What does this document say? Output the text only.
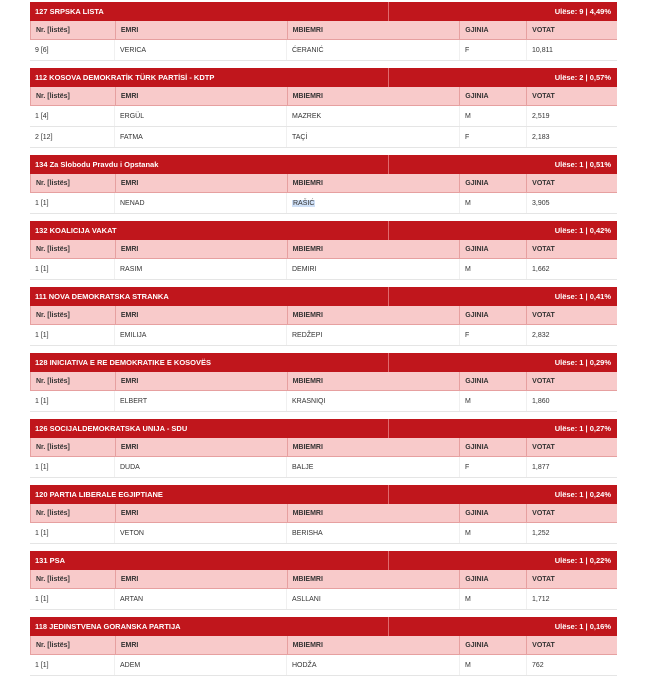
127 SRPSKA LISTA	Ulëse: 9 | 4,49%
Nr. [listës]	EMRI	MBIEMRI	GJINIA	VOTAT
9 [6]	VERICA	ĆERANIĆ	F	10,811
112 KOSOVA DEMOKRATİK TÜRK PARTİSİ - KDTP	Ulëse: 2 | 0,57%
Nr. [listës]	EMRI	MBIEMRI	GJINIA	VOTAT
1 [4]	ERGÜL	MAZREK	M	2,519
2 [12]	FATMA	TAÇİ	F	2,183
134 Za Slobodu Pravdu i Opstanak	Ulëse: 1 | 0,51%
Nr. [listës]	EMRI	MBIEMRI	GJINIA	VOTAT
1 [1]	NENAD	RAŠIĆ	M	3,905
132 KOALICIJA VAKAT	Ulëse: 1 | 0,42%
Nr. [listës]	EMRI	MBIEMRI	GJINIA	VOTAT
1 [1]	RASIM	DEMIRI	M	1,662
111 NOVA DEMOKRATSKA STRANKA	Ulëse: 1 | 0,41%
Nr. [listës]	EMRI	MBIEMRI	GJINIA	VOTAT
1 [1]	EMILIJA	REDŽEPI	F	2,832
128 INICIATIVA E RE DEMOKRATIKE E KOSOVËS	Ulëse: 1 | 0,29%
Nr. [listës]	EMRI	MBIEMRI	GJINIA	VOTAT
1 [1]	ELBERT	KRASNIQI	M	1,860
126 SOCIJALDEMOKRATSKA UNIJA - SDU	Ulëse: 1 | 0,27%
Nr. [listës]	EMRI	MBIEMRI	GJINIA	VOTAT
1 [1]	DUDA	BALJE	F	1,877
120 PARTIA LIBERALE EGJIPTIANE	Ulëse: 1 | 0,24%
Nr. [listës]	EMRI	MBIEMRI	GJINIA	VOTAT
1 [1]	VETON	BERISHA	M	1,252
131 PSA	Ulëse: 1 | 0,22%
Nr. [listës]	EMRI	MBIEMRI	GJINIA	VOTAT
1 [1]	ARTAN	ASLLANI	M	1,712
118 JEDINSTVENA GORANSKA PARTIJA	Ulëse: 1 | 0,16%
Nr. [listës]	EMRI	MBIEMRI	GJINIA	VOTAT
1 [1]	ADEM	HODŽA	M	762
